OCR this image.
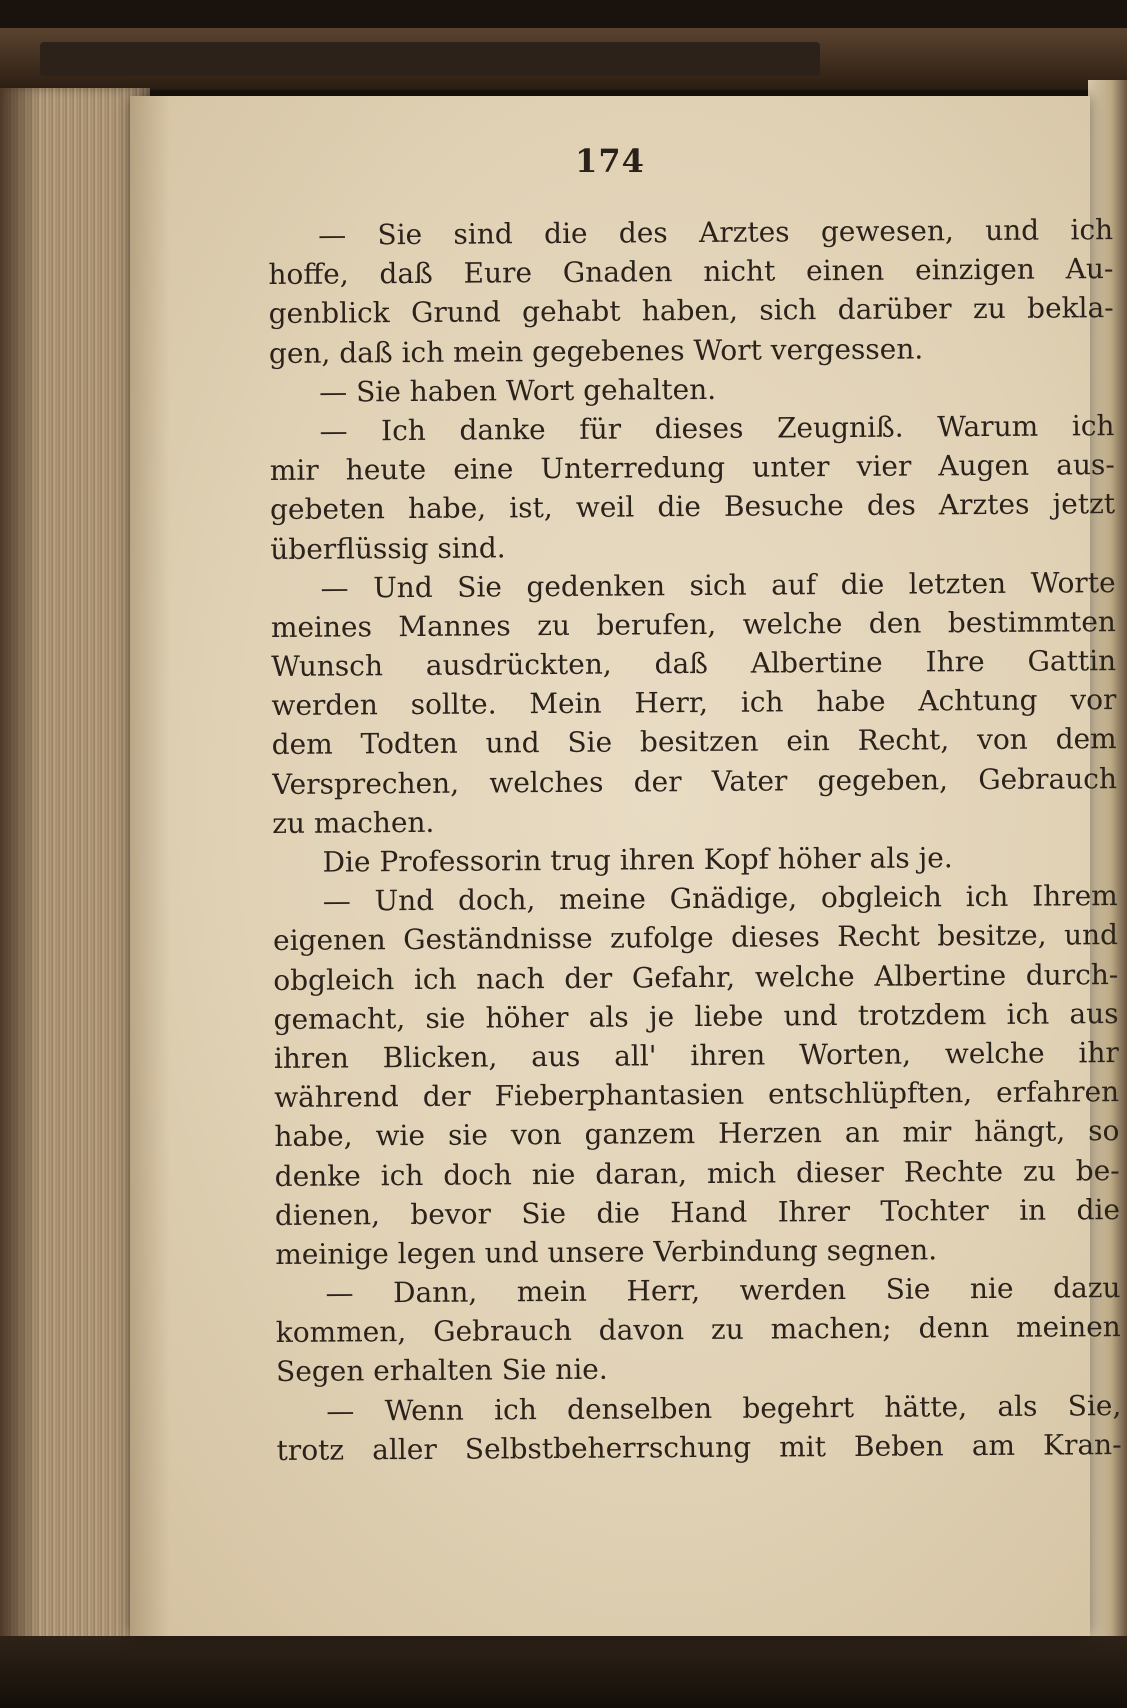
174

— Sie sind die des Arztes gewesen, und ich
hoffe, daß Eure Gnaden nicht einen einzigen Au-
genblick Grund gehabt haben, sich darüber zu bekla-
gen, daß ich mein gegebenes Wort vergessen.
— Sie haben Wort gehalten.
— Ich danke für dieses Zeugniß. Warum ich
mir heute eine Unterredung unter vier Augen aus-
gebeten habe, ist, weil die Besuche des Arztes jetzt
überflüssig sind.
— Und Sie gedenken sich auf die letzten Worte
meines Mannes zu berufen, welche den bestimmten
Wunsch ausdrückten, daß Albertine Ihre Gattin
werden sollte. Mein Herr, ich habe Achtung vor
dem Todten und Sie besitzen ein Recht, von dem
Versprechen, welches der Vater gegeben, Gebrauch
zu machen.
Die Professorin trug ihren Kopf höher als je.
— Und doch, meine Gnädige, obgleich ich Ihrem
eigenen Geständnisse zufolge dieses Recht besitze, und
obgleich ich nach der Gefahr, welche Albertine durch-
gemacht, sie höher als je liebe und trotzdem ich aus
ihren Blicken, aus all' ihren Worten, welche ihr
während der Fieberphantasien entschlüpften, erfahren
habe, wie sie von ganzem Herzen an mir hängt, so
denke ich doch nie daran, mich dieser Rechte zu be-
dienen, bevor Sie die Hand Ihrer Tochter in die
meinige legen und unsere Verbindung segnen.
— Dann, mein Herr, werden Sie nie dazu
kommen, Gebrauch davon zu machen; denn meinen
Segen erhalten Sie nie.
— Wenn ich denselben begehrt hätte, als Sie,
trotz aller Selbstbeherrschung mit Beben am Kran-
